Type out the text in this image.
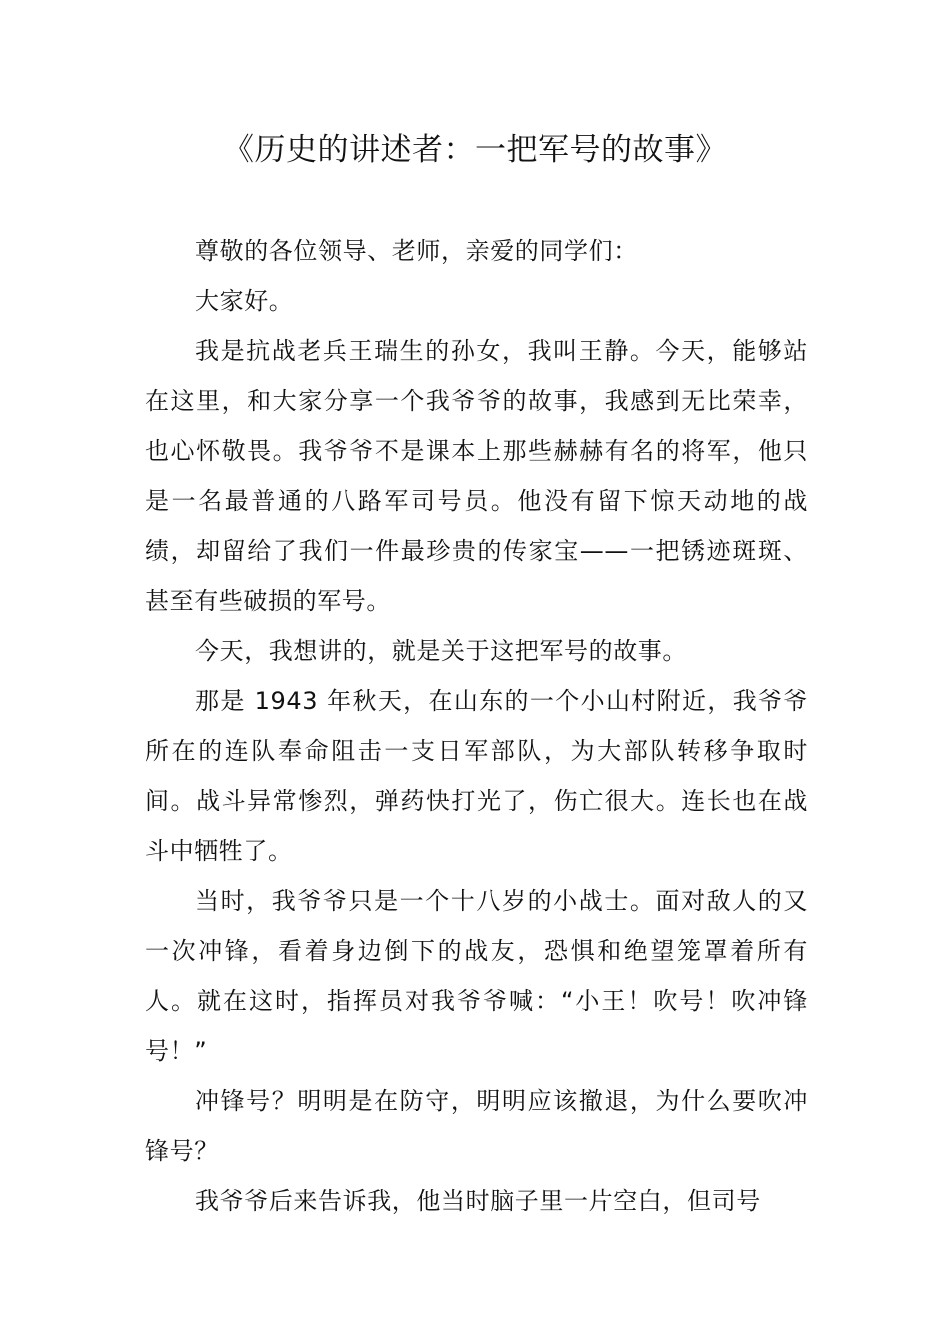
《历史的讲述者：一把军号的故事》

尊敬的各位领导、老师，亲爱的同学们：

大家好。

我是抗战老兵王瑞生的孙女，我叫王静。今天，能够站在这里，和大家分享一个我爷爷的故事，我感到无比荣幸，也心怀敬畏。我爷爷不是课本上那些赫赫有名的将军，他只是一名最普通的八路军司号员。他没有留下惊天动地的战绩，却留给了我们一件最珍贵的传家宝——一把锈迹斑斑、甚至有些破损的军号。

今天，我想讲的，就是关于这把军号的故事。

那是 1943 年秋天，在山东的一个小山村附近，我爷爷所在的连队奉命阻击一支日军部队，为大部队转移争取时间。战斗异常惨烈，弹药快打光了，伤亡很大。连长也在战斗中牺牲了。

当时，我爷爷只是一个十八岁的小战士。面对敌人的又一次冲锋，看着身边倒下的战友，恐惧和绝望笼罩着所有人。就在这时，指挥员对我爷爷喊：“小王！吹号！吹冲锋号！”

冲锋号？明明是在防守，明明应该撤退，为什么要吹冲锋号？

我爷爷后来告诉我，他当时脑子里一片空白，但司号
